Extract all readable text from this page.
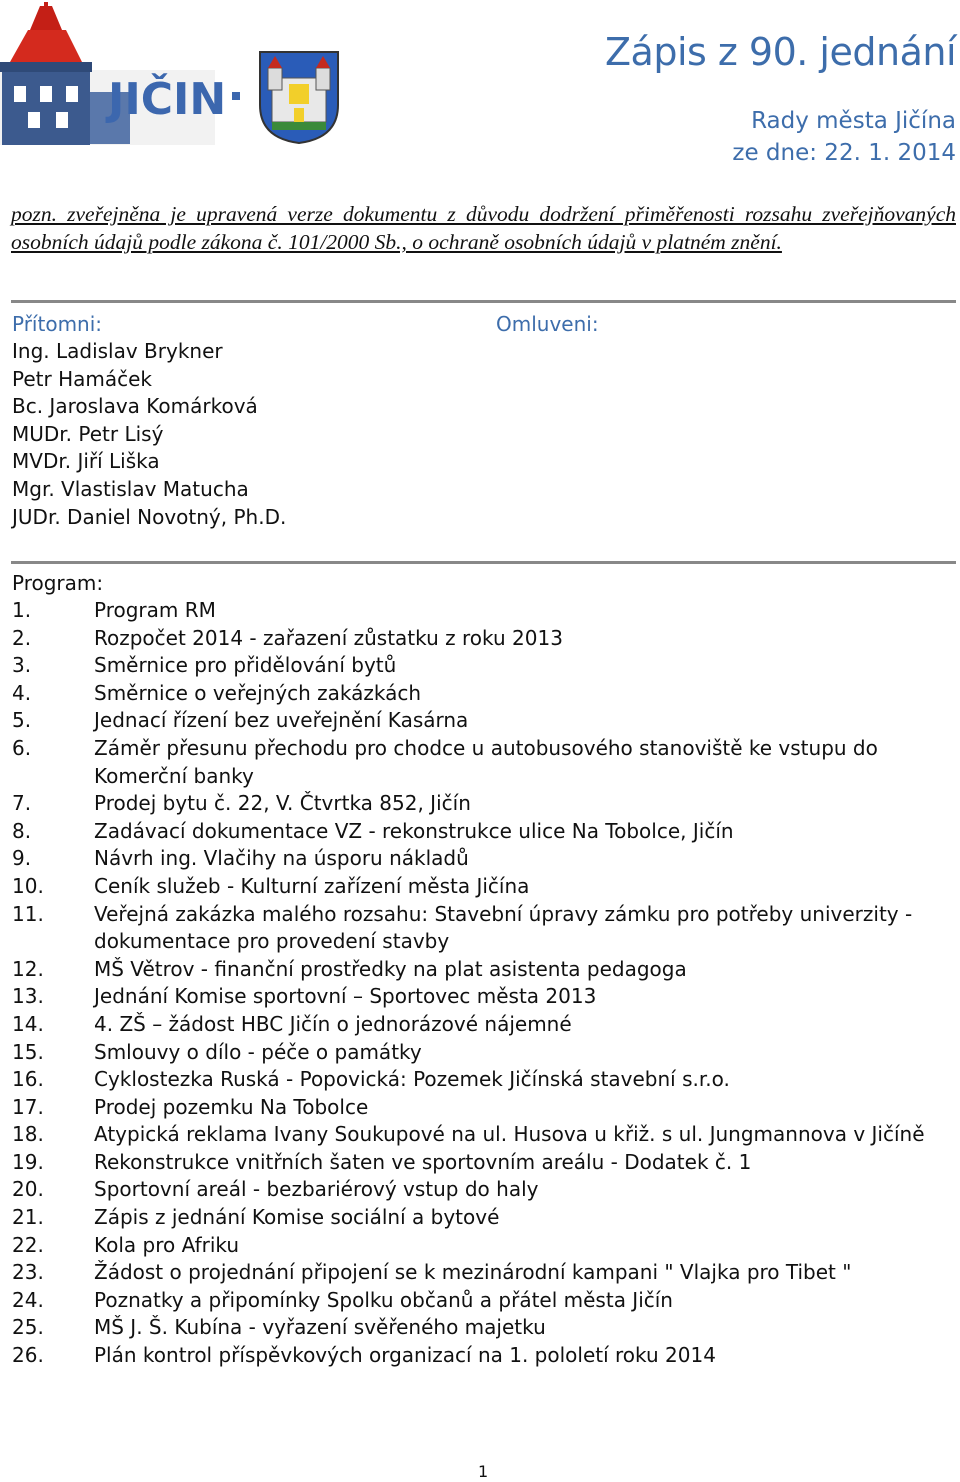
JIČIN
Zápis z 90. jednání
Rady města Jičína
ze dne: 22. 1. 2014
pozn. zveřejněna je upravená verze dokumentu z důvodu dodržení přiměřenosti rozsahu zveřejňovaných osobních údajů podle zákona č. 101/2000 Sb., o ochraně osobních údajů v platném znění.
Přítomni:	Omluveni:
Ing. Ladislav Brykner
Petr Hamáček
Bc. Jaroslava Komárková
MUDr. Petr Lisý
MVDr. Jiří Liška
Mgr. Vlastislav Matucha
JUDr. Daniel Novotný, Ph.D.
Program:
1.	Program RM
2.	Rozpočet 2014 - zařazení zůstatku z roku 2013
3.	Směrnice pro přidělování bytů
4.	Směrnice o veřejných zakázkách
5.	Jednací řízení bez uveřejnění Kasárna
6.	Záměr přesunu přechodu pro chodce u autobusového stanoviště ke vstupu do Komerční banky
7.	Prodej bytu č. 22, V. Čtvrtka 852, Jičín
8.	Zadávací dokumentace VZ - rekonstrukce ulice Na Tobolce, Jičín
9.	Návrh ing. Vlačihy na úsporu nákladů
10.	Ceník služeb - Kulturní zařízení města Jičína
11.	Veřejná zakázka malého rozsahu: Stavební úpravy zámku pro potřeby univerzity - dokumentace pro provedení stavby
12.	MŠ Větrov - finanční prostředky na plat asistenta pedagoga
13.	Jednání Komise sportovní – Sportovec města 2013
14.	4. ZŠ – žádost HBC Jičín o jednorázové nájemné
15.	Smlouvy o dílo - péče o památky
16.	Cyklostezka Ruská - Popovická: Pozemek Jičínská stavební s.r.o.
17.	Prodej pozemku Na Tobolce
18.	Atypická reklama Ivany Soukupové na ul. Husova u křiž. s ul. Jungmannova v Jičíně
19.	Rekonstrukce vnitřních šaten ve sportovním areálu - Dodatek č. 1
20.	Sportovní areál - bezbariérový vstup do haly
21.	Zápis z jednání Komise sociální a bytové
22.	Kola pro Afriku
23.	Žádost o projednání připojení se k mezinárodní kampani " Vlajka pro Tibet "
24.	Poznatky a připomínky Spolku občanů a přátel města Jičín
25.	MŠ J. Š. Kubína - vyřazení svěřeného majetku
26.	Plán kontrol příspěvkových organizací na 1. pololetí roku 2014
1
